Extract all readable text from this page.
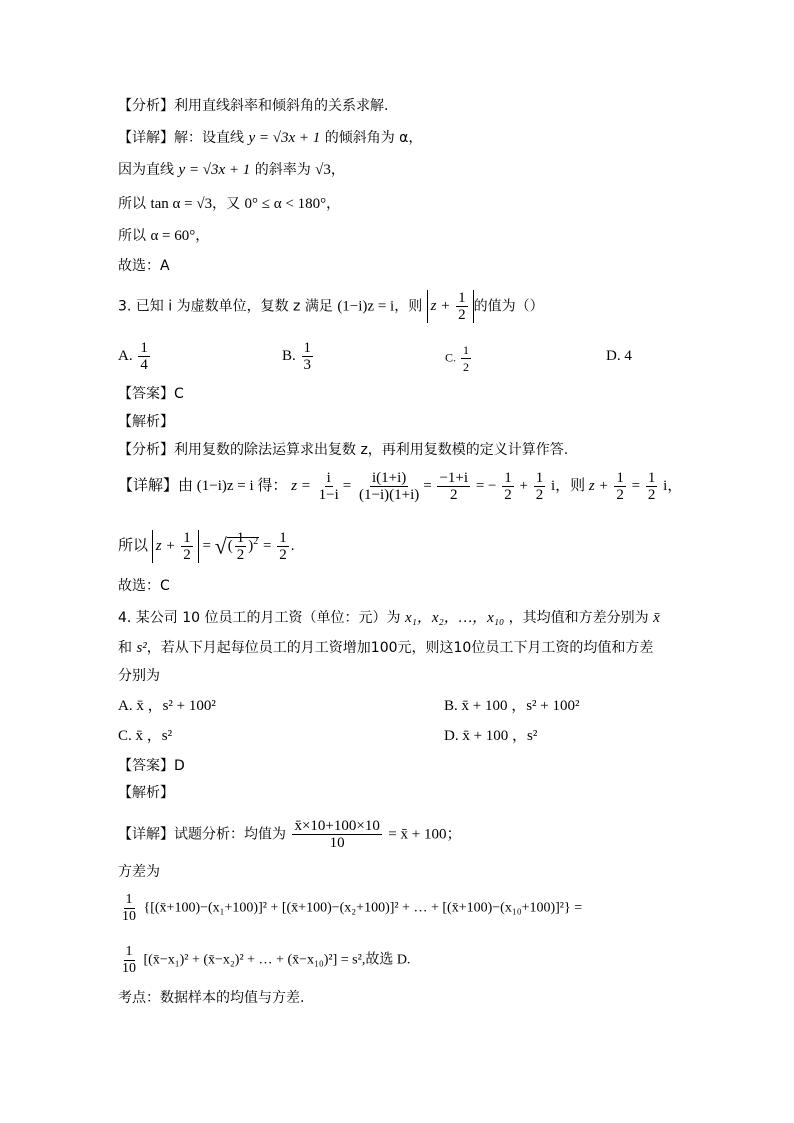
【分析】利用直线斜率和倾斜角的关系求解.
【详解】解：设直线 y = √3x + 1 的倾斜角为 α，
因为直线 y = √3x + 1 的斜率为 √3，
所以 tan α = √3，又 0° ≤ α < 180°，
所以 α = 60°，
故选：A
3. 已知 i 为虚数单位，复数 z 满足 (1−i)z = i，则 $z + \frac{1}{2}$ 的值为（）
A. $\frac{1}{4}$	B. $\frac{1}{3}$	C. $\frac{1}{2}$	D. 4
【答案】C
【解析】
【分析】利用复数的除法运算求出复数 z，再利用复数模的定义计算作答.
【详解】由 (1−i)z = i 得： $z = \frac{i}{1-i} = \frac{i(1+i)}{(1-i)(1+i)} = \frac{-1+i}{2}$ = − $\frac{1}{2} + \frac{1}{2}$ i，则 $z + \frac{1}{2} = \frac{1}{2}$ i，
所以 $z + \frac{1}{2}$ = √( $\frac{1}{2} )^2 = \frac{1}{2}$ .
故选：C
4. 某公司 10 位员工的月工资（单位：元）为 x₁，x₂，…，x₁₀ ，其均值和方差分别为 x̄
和 s²，若从下月起每位员工的月工资增加100元，则这10位员工下月工资的均值和方差
分别为
A. x̄ ，s² + 100²	B. x̄ + 100 ，s² + 100²
C. x̄ ，s²	D. x̄ + 100 ，s²
【答案】D
【解析】
【详解】试题分析：均值为 $\frac{x̄\times 10+100\times 10}{10}$ = x̄ + 100；
方差为
$\frac{1}{10}$ {[(x̄+100)−(x₁+100)]² + [(x̄+100)−(x₂+100)]² + … + [(x̄+100)−(x₁₀+100)]²} =
$\frac{1}{10}$ [(x̄−x₁)² + (x̄−x₂)² + … + (x̄−x₁₀)²] = s²,故选 D.
考点：数据样本的均值与方差.
